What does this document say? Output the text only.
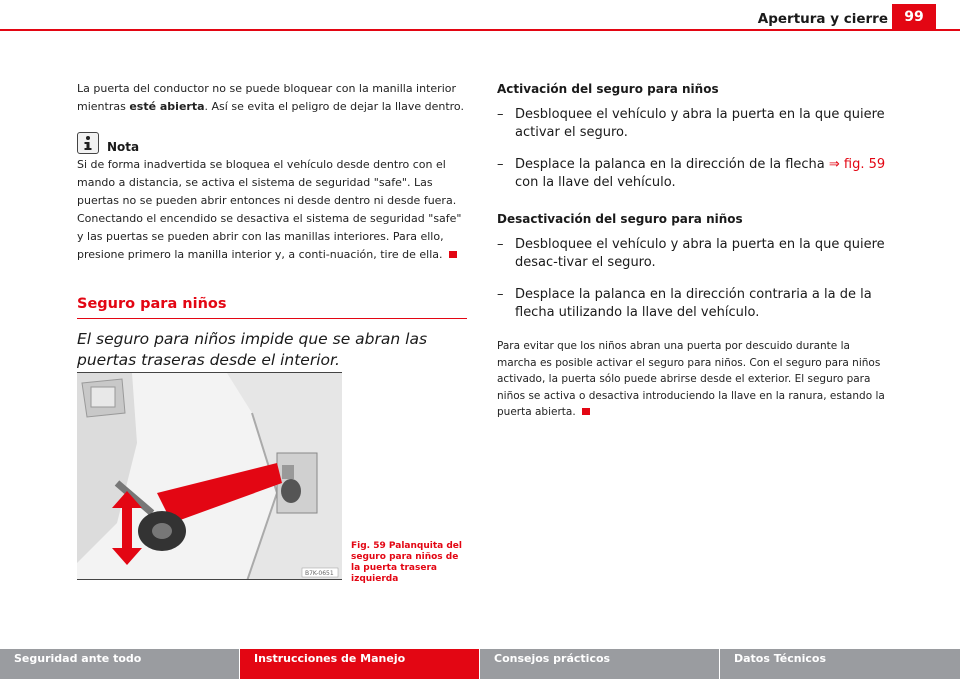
Apertura y cierre	99

La puerta del conductor no se puede bloquear con la manilla interior mientras esté abierta. Así se evita el peligro de dejar la llave dentro.

Nota

Si de forma inadvertida se bloquea el vehículo desde dentro con el mando a distancia, se activa el sistema de seguridad "safe". Las puertas no se pueden abrir entonces ni desde dentro ni desde fuera. Conectando el encendido se desactiva el sistema de seguridad "safe" y las puertas se pueden abrir con las manillas interiores. Para ello, presione primero la manilla interior y, a conti-nuación, tire de ella.

Seguro para niños
El seguro para niños impide que se abran las puertas traseras desde el interior.
B7K-0651
Fig. 59 Palanquita del seguro para niños de la puerta trasera izquierda
Activación del seguro para niños
– Desbloquee el vehículo y abra la puerta en la que quiere activar el seguro.
– Desplace la palanca en la dirección de la flecha ⇒ fig. 59 con la llave del vehículo.
Desactivación del seguro para niños
– Desbloquee el vehículo y abra la puerta en la que quiere desac-tivar el seguro.
– Desplace la palanca en la dirección contraria a la de la flecha utilizando la llave del vehículo.

Para evitar que los niños abran una puerta por descuido durante la marcha es posible activar el seguro para niños. Con el seguro para niños activado, la puerta sólo puede abrirse desde el exterior. El seguro para niños se activa o desactiva introduciendo la llave en la ranura, estando la puerta abierta.

Seguridad ante todo	Instrucciones de Manejo	Consejos prácticos	Datos Técnicos
